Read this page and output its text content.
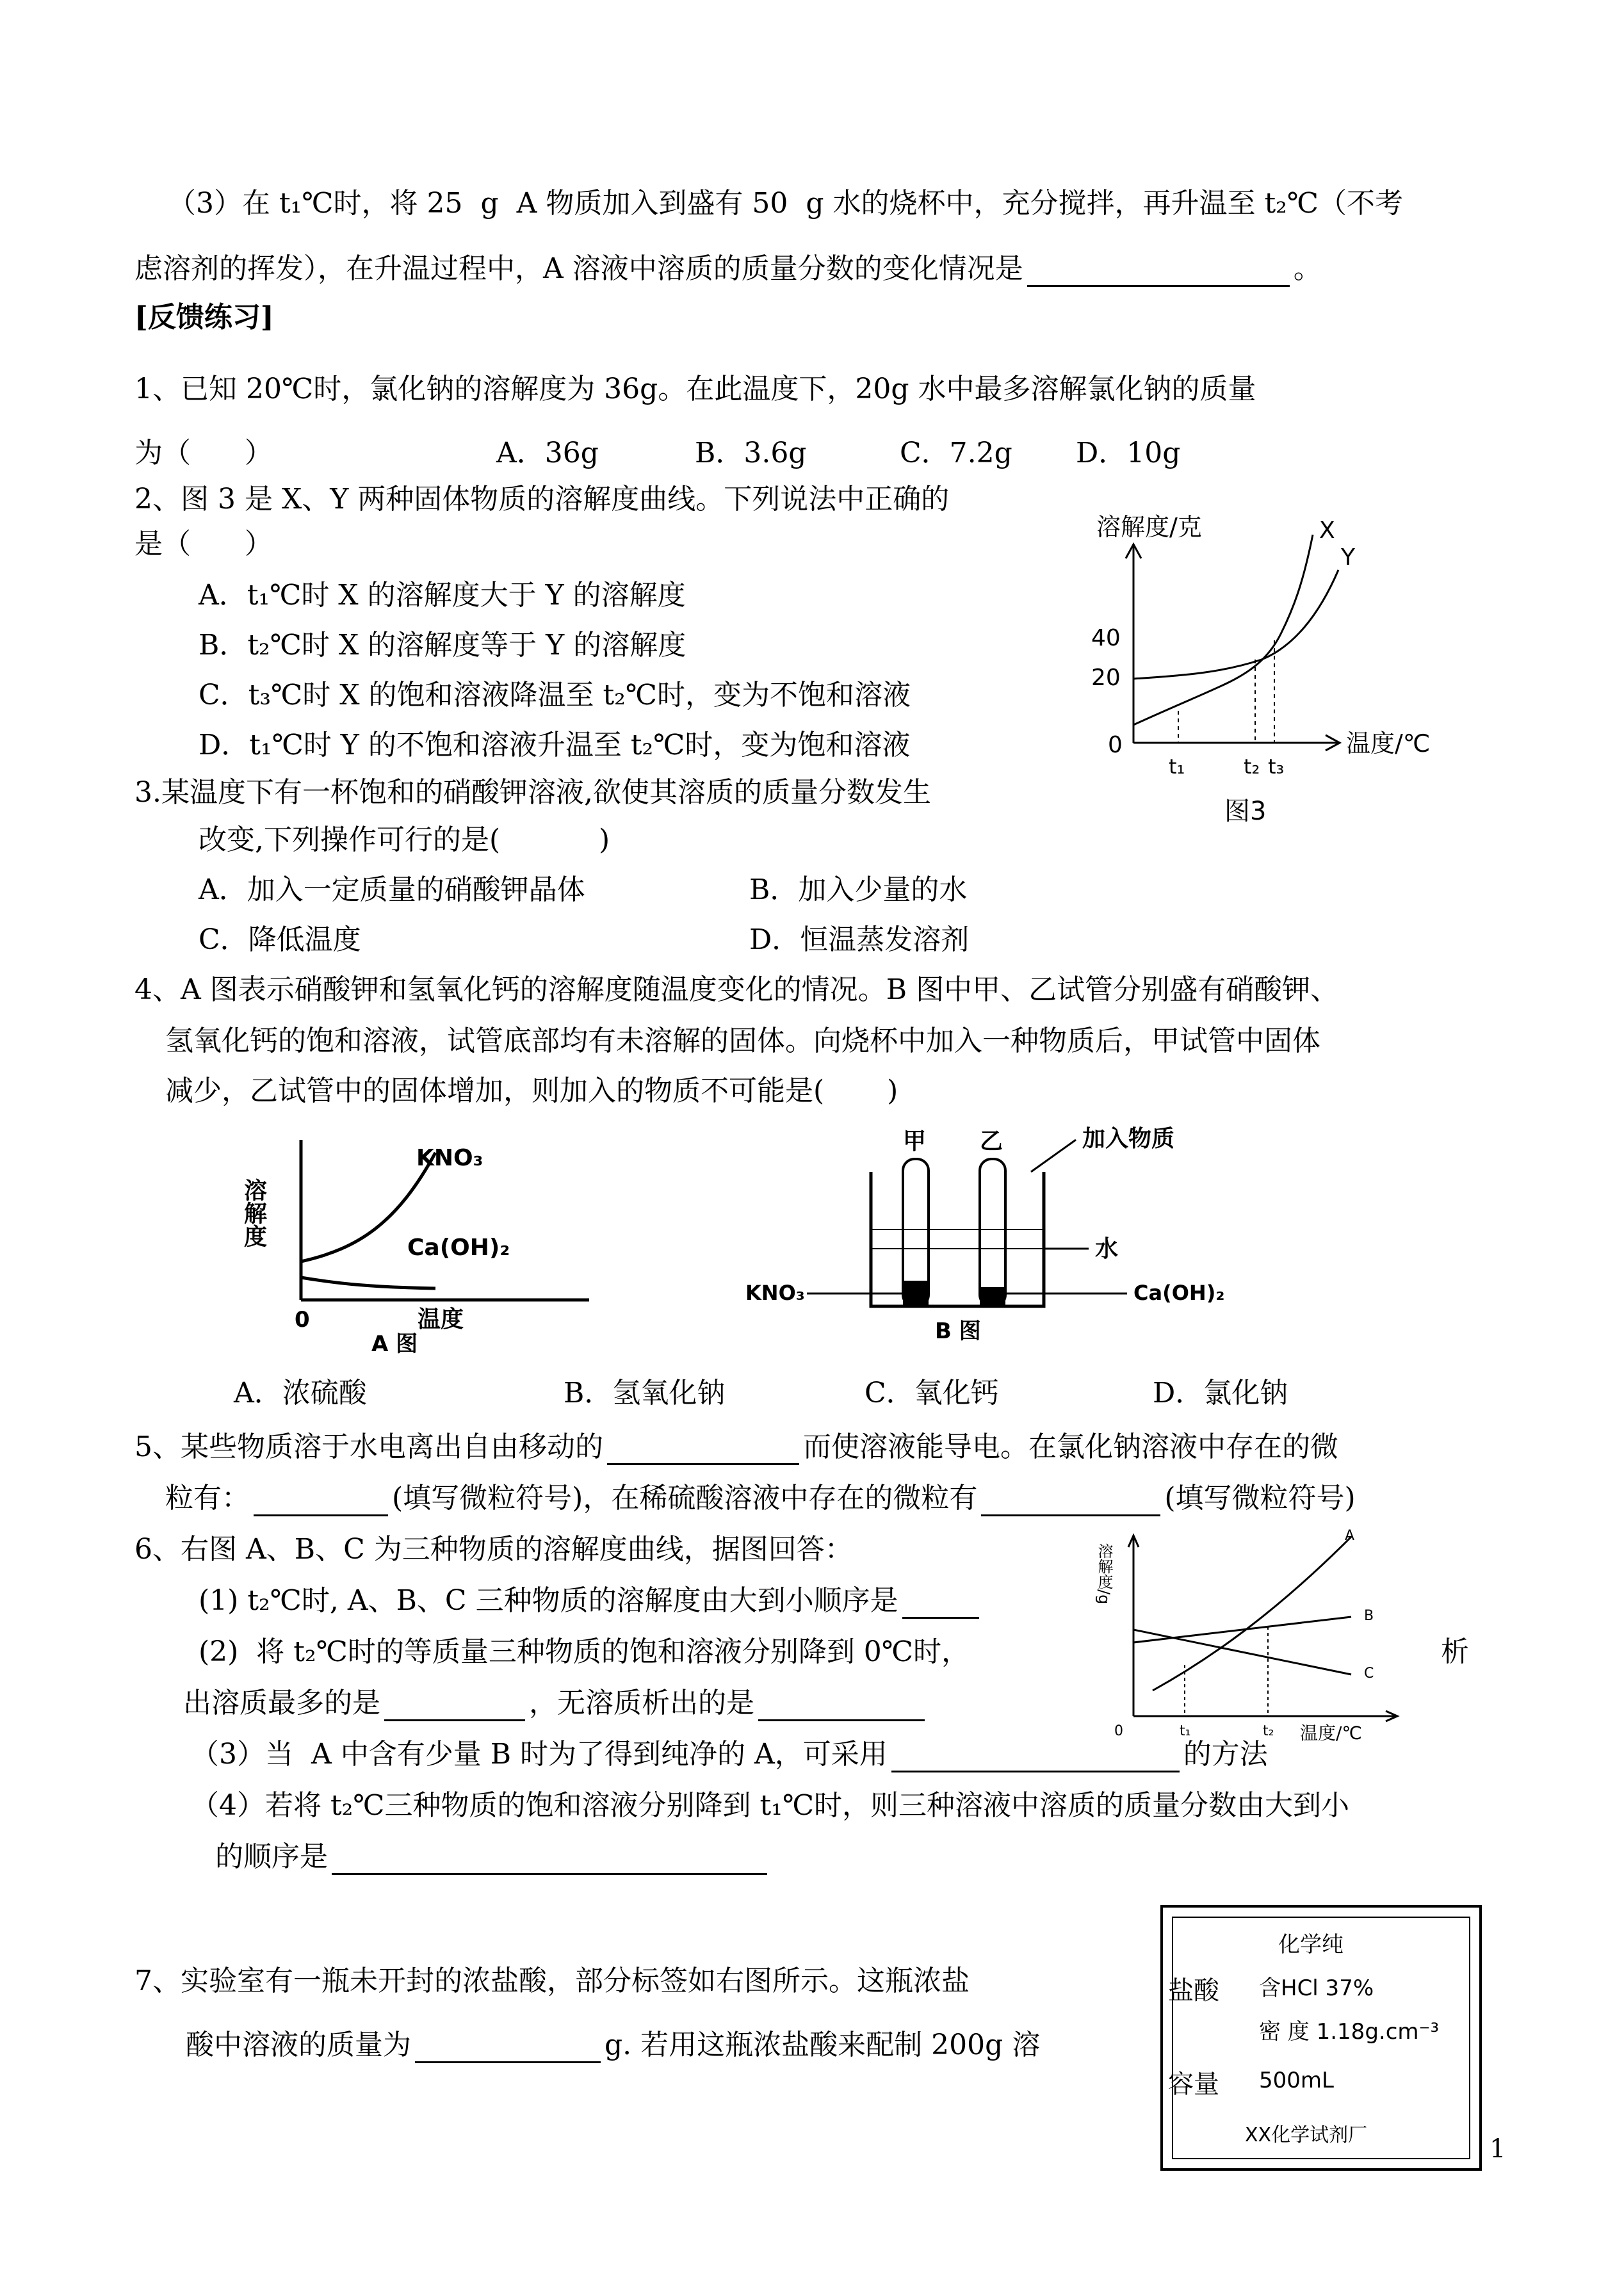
（3）在 t₁℃时，将 25  g  A 物质加入到盛有 50  g 水的烧杯中，充分搅拌，再升温至 t₂℃（不考
虑溶剂的挥发），在升温过程中，A 溶液中溶质的质量分数的变化情况是	。
[反馈练习]
1、已知 20℃时，氯化钠的溶解度为 36g。在此温度下，20g 水中最多溶解氯化钠的质量
为（      ）	A．36g	B．3.6g	C．7.2g D．10g
2、图 3 是 X、Y 两种固体物质的溶解度曲线。下列说法中正确的
是（      ）
A．t₁℃时 X 的溶解度大于 Y 的溶解度
B．t₂℃时 X 的溶解度等于 Y 的溶解度
C．t₃℃时 X 的饱和溶液降温至 t₂℃时，变为不饱和溶液
D．t₁℃时 Y 的不饱和溶液升温至 t₂℃时，变为饱和溶液
溶解度/克
温度/℃
40
20
0
X
Y
t₁	t₂ t₃
图3
3.某温度下有一杯饱和的硝酸钾溶液,欲使其溶质的质量分数发生
改变,下列操作可行的是(           )
A．加入一定质量的硝酸钾晶体	B．加入少量的水
C．降低温度	D．恒温蒸发溶剂
4、A 图表示硝酸钾和氢氧化钙的溶解度随温度变化的情况。B 图中甲、乙试管分别盛有硝酸钾、
氢氧化钙的饱和溶液，试管底部均有未溶解的固体。向烧杯中加入一种物质后，甲试管中固体
减少，乙试管中的固体增加，则加入的物质不可能是(       )
溶解度
KNO₃
Ca(OH)₂
0	温度
A 图
甲 乙	加入物质
水
KNO₃	Ca(OH)₂
B 图
A．浓硫酸	B．氢氧化钠	C．氧化钙	D．氯化钠
5、某些物质溶于水电离出自由移动的	而使溶液能导电。在氯化钠溶液中存在的微
粒有：	(填写微粒符号)，在稀硫酸溶液中存在的微粒有	(填写微粒符号)
6、右图 A、B、C 为三种物质的溶解度曲线，据图回答：
(1) t₂℃时, A、B、C 三种物质的溶解度由大到小顺序是
(2)  将 t₂℃时的等质量三种物质的饱和溶液分别降到 0℃时，	析
出溶质最多的是	，无溶质析出的是
（3）当  A 中含有少量 B 时为了得到纯净的 A，可采用	的方法
（4）若将 t₂℃三种物质的饱和溶液分别降到 t₁℃时，则三种溶液中溶质的质量分数由大到小
的顺序是
溶解度/g
A
B
C
0	t₁	t₂ 温度/℃
7、实验室有一瓶未开封的浓盐酸，部分标签如右图所示。这瓶浓盐
酸中溶液的质量为	g. 若用这瓶浓盐酸来配制 200g 溶
化学纯
盐酸 含HCl 37%
密 度 1.18g.cm⁻³
容量 500mL
XX化学试剂厂	1
